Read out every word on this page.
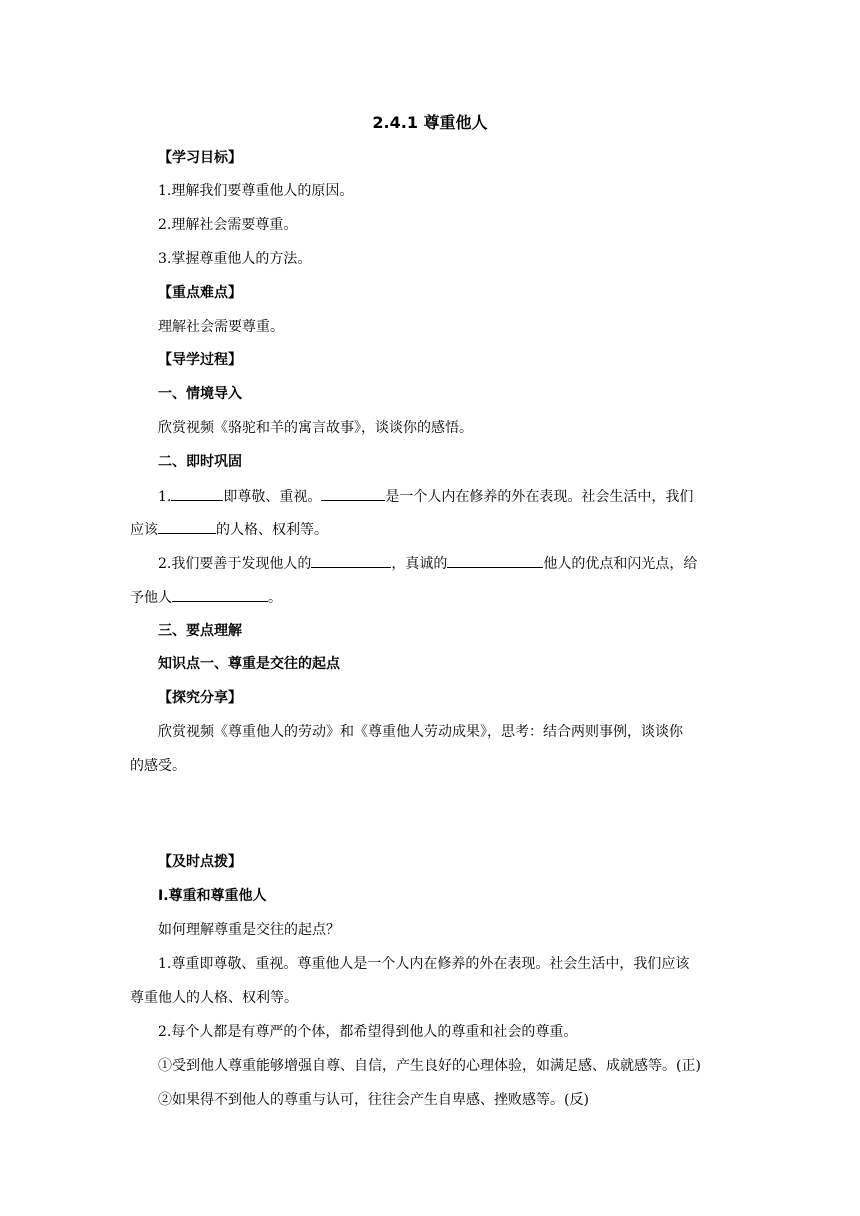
2.4.1 尊重他人
【学习目标】
1.理解我们要尊重他人的原因。
2.理解社会需要尊重。
3.掌握尊重他人的方法。
【重点难点】
理解社会需要尊重。
【导学过程】
一、情境导入
欣赏视频《骆驼和羊的寓言故事》，谈谈你的感悟。
二、即时巩固
1.	即尊敬、重视。	是一个人内在修养的外在表现。社会生活中，我们
应该	的人格、权利等。
2.我们要善于发现他人的	，真诚的	他人的优点和闪光点，给
予他人	。
三、要点理解
知识点一、尊重是交往的起点
【探究分享】
欣赏视频《尊重他人的劳动》和《尊重他人劳动成果》，思考：结合两则事例，谈谈你
的感受。
【及时点拨】
Ⅰ.尊重和尊重他人
如何理解尊重是交往的起点？
1.尊重即尊敬、重视。尊重他人是一个人内在修养的外在表现。社会生活中，我们应该
尊重他人的人格、权利等。
2.每个人都是有尊严的个体，都希望得到他人的尊重和社会的尊重。
①受到他人尊重能够增强自尊、自信，产生良好的心理体验，如满足感、成就感等。(正)
②如果得不到他人的尊重与认可，往往会产生自卑感、挫败感等。(反)
